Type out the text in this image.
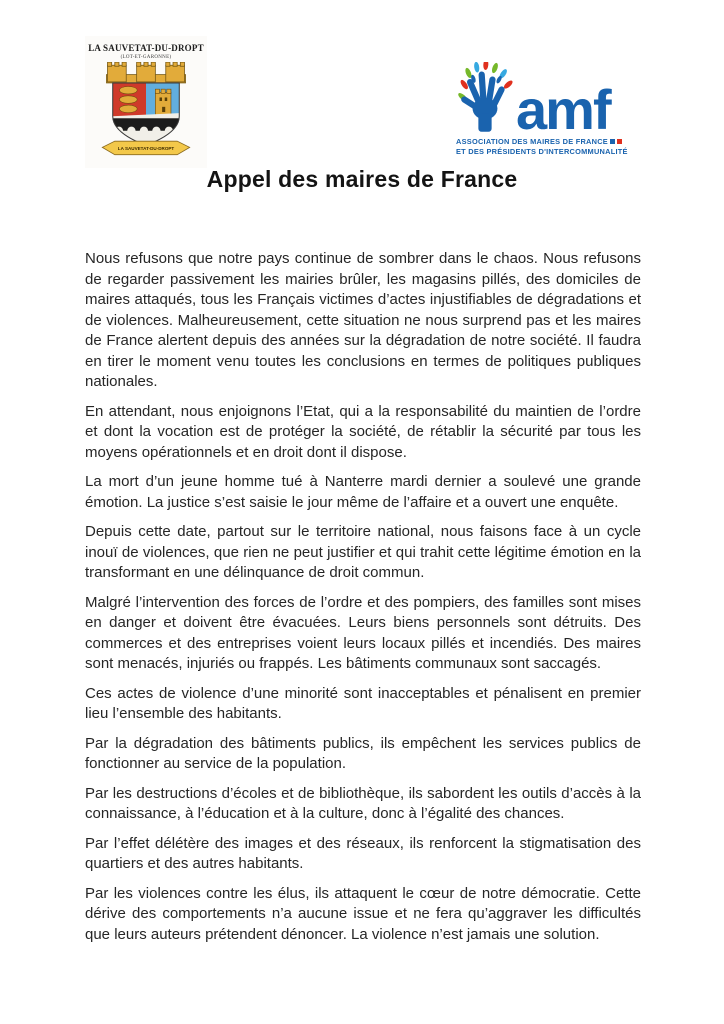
LA SAUVETAT-DU-DROPT
(LOT-ET-GARONNE)
LA SAUVETAT-DU-DROPT
amf
ASSOCIATION DES MAIRES DE FRANCE
ET DES PRÉSIDENTS D'INTERCOMMUNALITÉ
Appel des maires de France

Nous refusons que notre pays continue de sombrer dans le chaos. Nous refusons de regarder passivement les mairies brûler, les magasins pillés, des domiciles de maires attaqués, tous les Français victimes d’actes injustifiables de dégradations et de violences. Malheureusement, cette situation ne nous surprend pas et les maires de France alertent depuis des années sur la dégradation de notre société. Il faudra en tirer le moment venu toutes les conclusions en termes de politiques publiques nationales.

En attendant, nous enjoignons l’Etat, qui a la responsabilité du maintien de l’ordre et dont la vocation est de protéger la société, de rétablir la sécurité par tous les moyens opérationnels et en droit dont il dispose.

La mort d’un jeune homme tué à Nanterre mardi dernier a soulevé une grande émotion. La justice s’est saisie le jour même de l’affaire et a ouvert une enquête.

Depuis cette date, partout sur le territoire national, nous faisons face à un cycle inouï de violences, que rien ne peut justifier et qui trahit cette légitime émotion en la transformant en une délinquance de droit commun.

Malgré l’intervention des forces de l’ordre et des pompiers, des familles sont mises en danger et doivent être évacuées. Leurs biens personnels sont détruits. Des commerces et des entreprises voient leurs locaux pillés et incendiés. Des maires sont menacés, injuriés ou frappés. Les bâtiments communaux sont saccagés.

Ces actes de violence d’une minorité sont inacceptables et pénalisent en premier lieu l’ensemble des habitants.

Par la dégradation des bâtiments publics, ils empêchent les services publics de fonctionner au service de la population.

Par les destructions d’écoles et de bibliothèque, ils sabordent les outils d’accès à la connaissance, à l’éducation et à la culture, donc à l’égalité des chances.

Par l’effet délétère des images et des réseaux, ils renforcent la stigmatisation des quartiers et des autres habitants.

Par les violences contre les élus, ils attaquent le cœur de notre démocratie. Cette dérive des comportements n’a aucune issue et ne fera qu’aggraver les difficultés que leurs auteurs prétendent dénoncer. La violence n’est jamais une solution.
